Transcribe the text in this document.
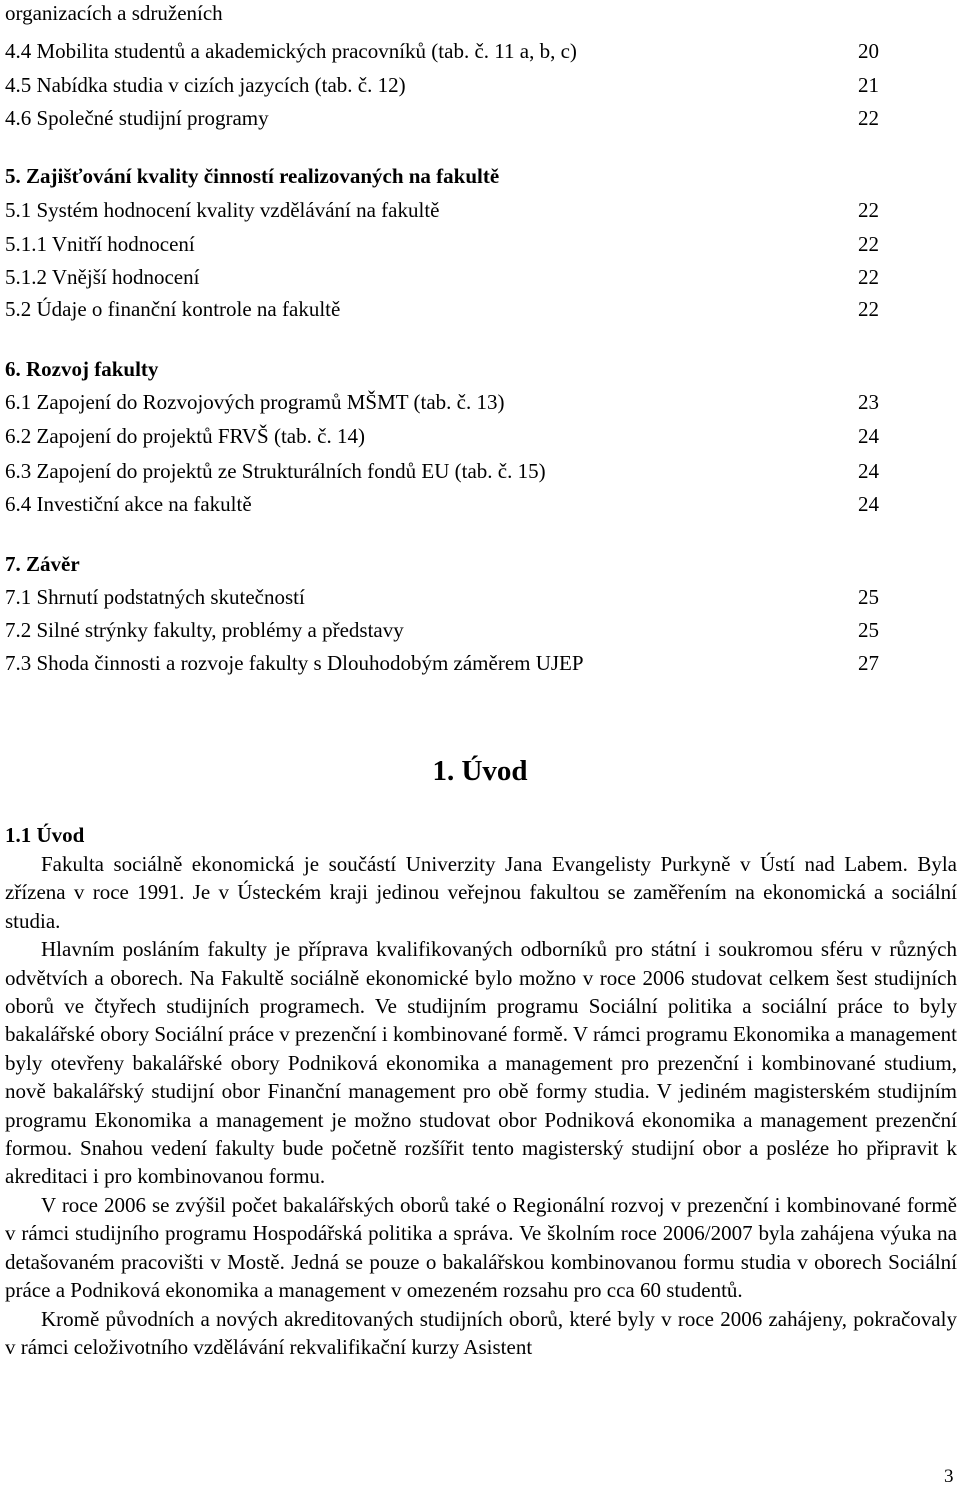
organizacích a sdruženích
4.4 Mobilita studentů a akademických pracovníků (tab. č. 11 a, b, c)	20
4.5 Nabídka studia v cizích jazycích (tab. č. 12)	21
4.6 Společné studijní programy	22
5. Zajišťování kvality činností realizovaných na fakultě
5.1 Systém hodnocení kvality vzdělávání na fakultě	22
5.1.1 Vnitří hodnocení	22
5.1.2 Vnější hodnocení	22
5.2 Údaje o finanční kontrole na fakultě	22
6. Rozvoj fakulty
6.1 Zapojení do Rozvojových programů MŠMT (tab. č. 13)	23
6.2 Zapojení do projektů FRVŠ (tab. č. 14)	24
6.3 Zapojení do projektů ze Strukturálních fondů EU (tab. č. 15)	24
6.4 Investiční akce na fakultě	24
7. Závěr
7.1 Shrnutí podstatných skutečností	25
7.2 Silné strýnky fakulty, problémy a představy	25
7.3 Shoda činnosti a rozvoje fakulty s Dlouhodobým záměrem UJEP	27
1. Úvod
1.1 Úvod

Fakulta sociálně ekonomická je součástí Univerzity Jana Evangelisty Purkyně v Ústí nad Labem. Byla zřízena v roce 1991. Je v Ústeckém kraji jedinou veřejnou fakultou se zaměřením na ekonomická a sociální studia.

Hlavním posláním fakulty je příprava kvalifikovaných odborníků pro státní i soukromou sféru v různých odvětvích a oborech. Na Fakultě sociálně ekonomické bylo možno v roce 2006 studovat celkem šest studijních oborů ve čtyřech studijních programech. Ve studijním programu Sociální politika a sociální práce to byly bakalářské obory Sociální práce v prezenční i kombinované formě. V rámci programu Ekonomika a management byly otevřeny bakalářské obory Podniková ekonomika a management pro prezenční i kombinované studium, nově bakalářský studijní obor Finanční management pro obě formy studia. V jediném magisterském studijním programu Ekonomika a management je možno studovat obor Podniková ekonomika a management prezenční formou. Snahou vedení fakulty bude početně rozšířit tento magisterský studijní obor a posléze ho připravit k akreditaci i pro kombinovanou formu.

V roce 2006 se zvýšil počet bakalářských oborů také o Regionální rozvoj v prezenční i kombinované formě v rámci studijního programu Hospodářská politika a správa. Ve školním roce 2006/2007 byla zahájena výuka na detašovaném pracovišti v Mostě. Jedná se pouze o bakalářskou kombinovanou formu studia v oborech Sociální práce a Podniková ekonomika a management v omezeném rozsahu pro cca 60 studentů.

Kromě původních a nových akreditovaných studijních oborů, které byly v roce 2006 zahájeny, pokračovaly v rámci celoživotního vzdělávání rekvalifikační kurzy Asistent

3
